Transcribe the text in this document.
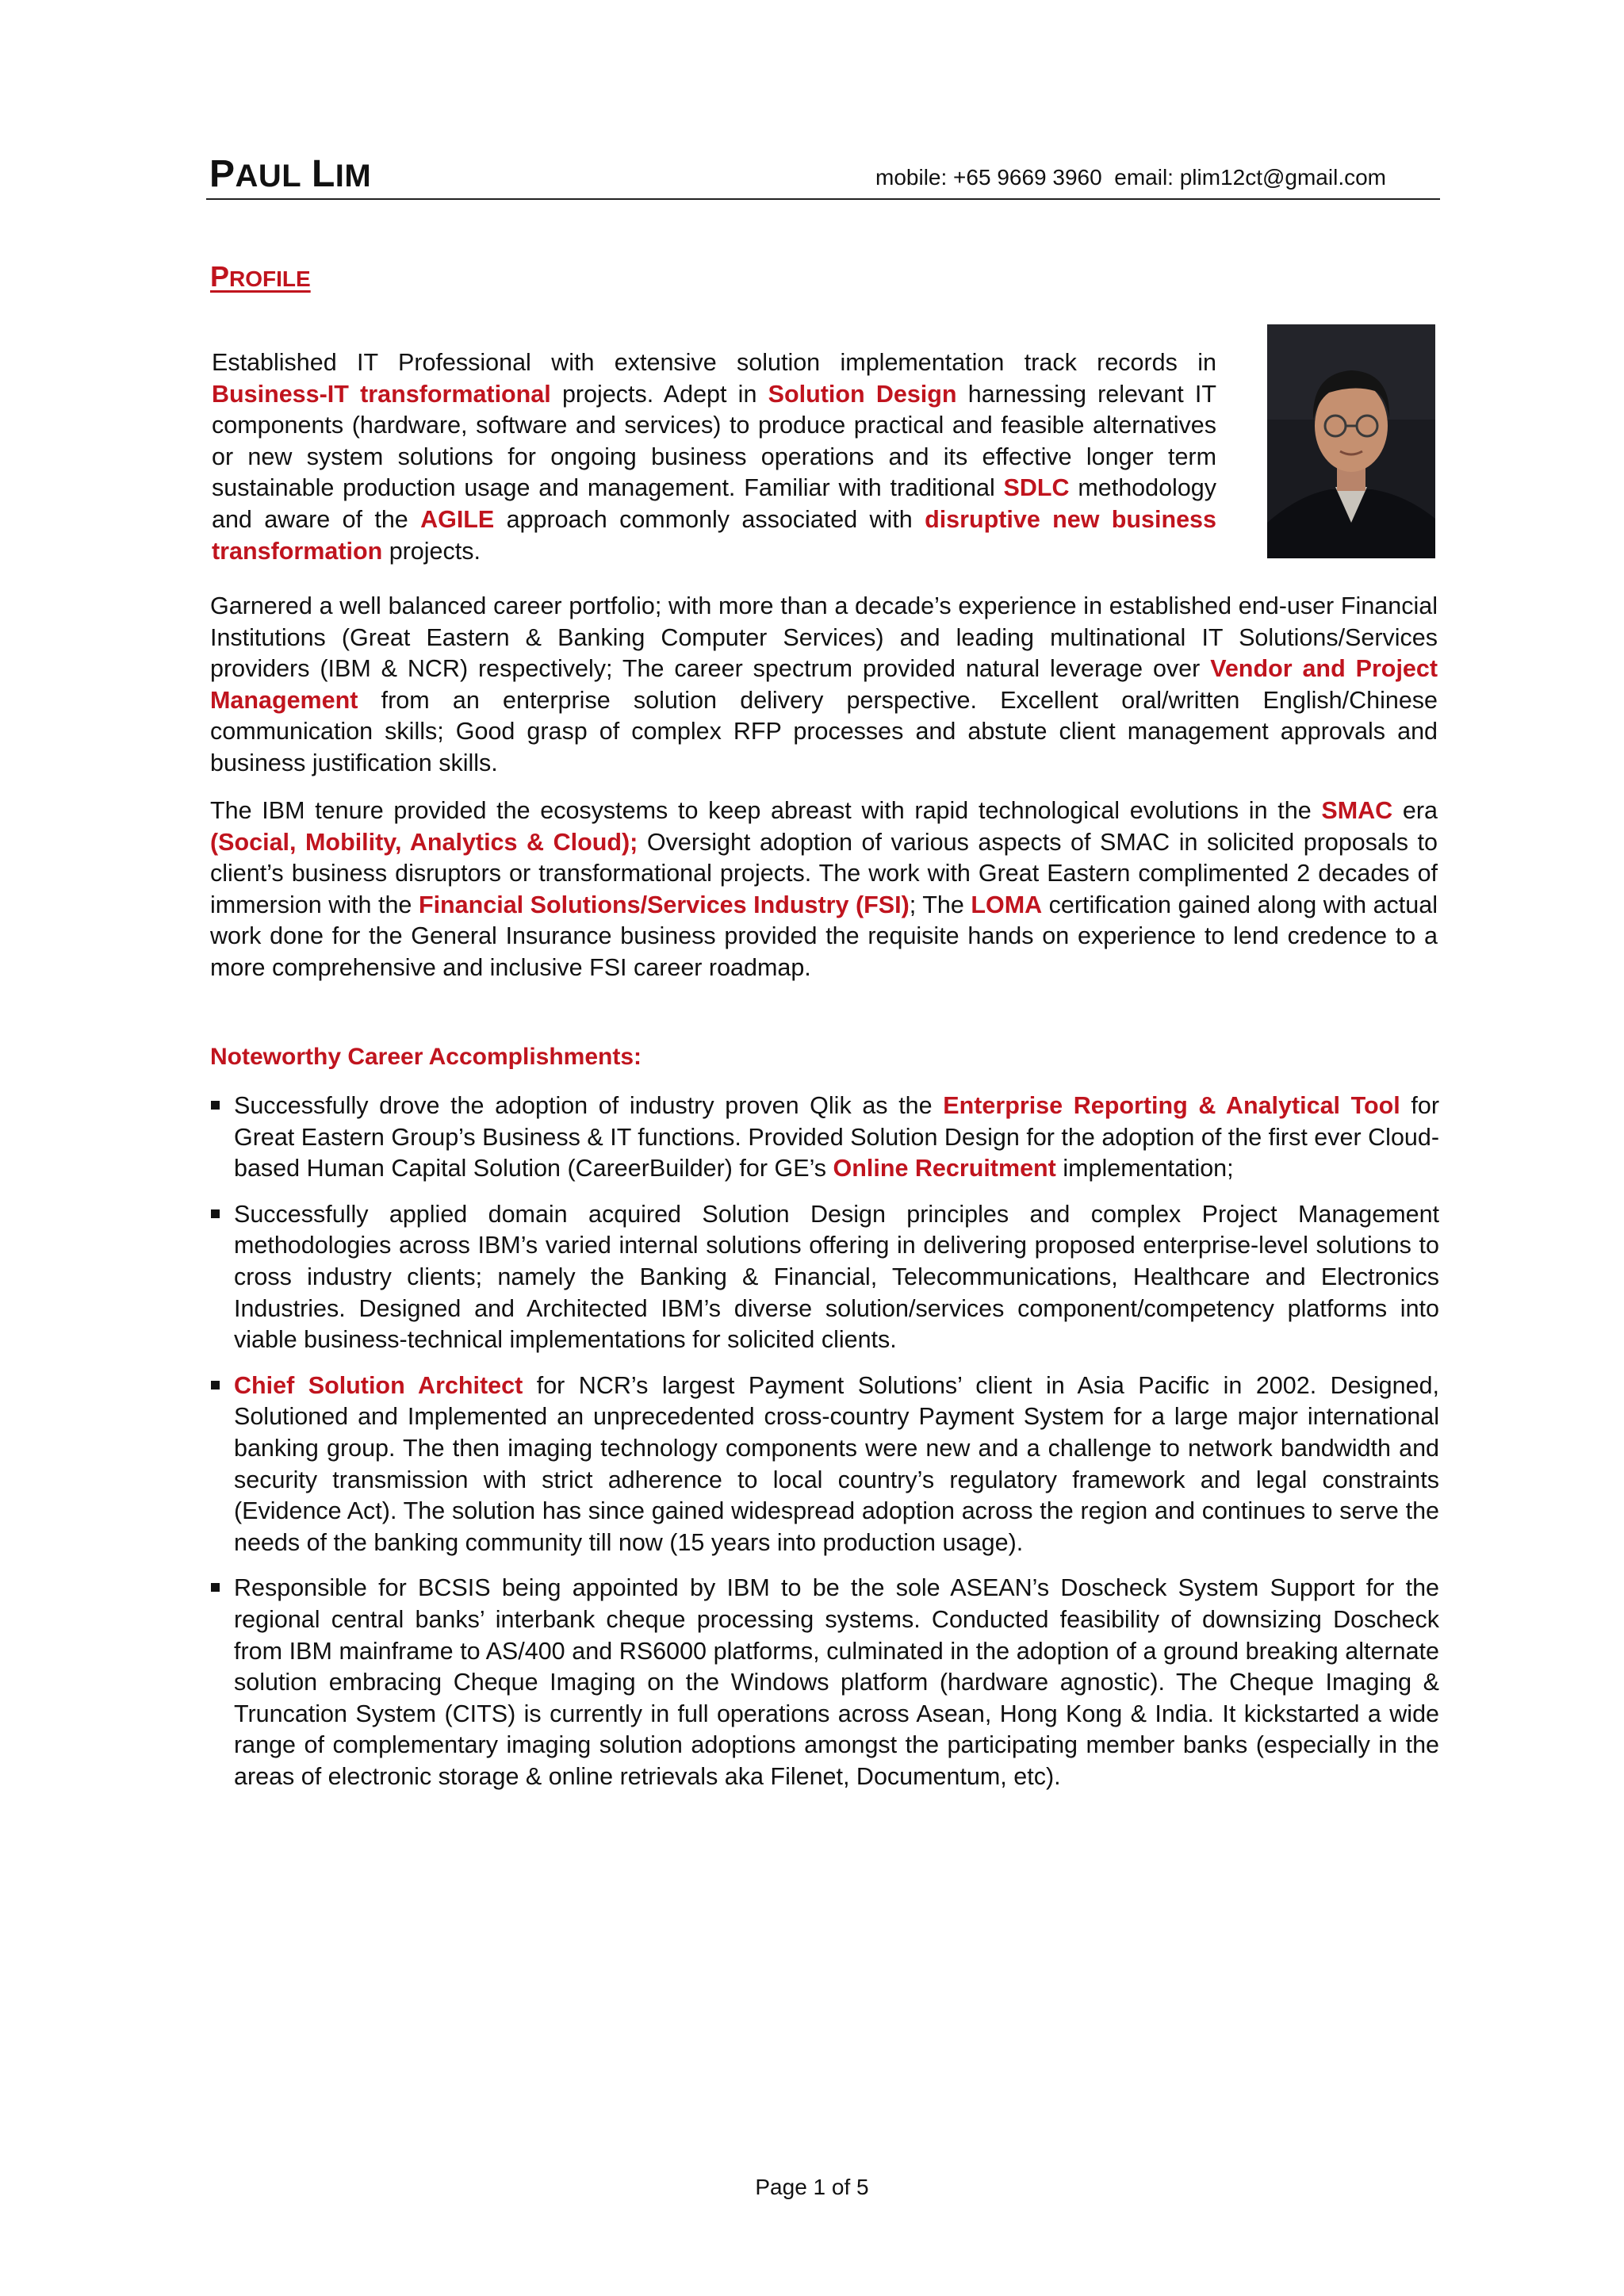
PAUL LIM	mobile: +65 9669 3960  email: plim12ct@gmail.com
PROFILE

Established IT Professional with extensive solution implementation track records in Business-IT transformational projects. Adept in Solution Design harnessing relevant IT components (hardware, software and services) to produce practical and feasible alternatives or new system solutions for ongoing business operations and its effective longer term sustainable production usage and management. Familiar with traditional SDLC methodology and aware of the AGILE approach commonly associated with disruptive new business transformation projects.

Garnered a well balanced career portfolio; with more than a decade’s experience in established end-user Financial Institutions (Great Eastern & Banking Computer Services) and leading multinational IT Solutions/Services providers (IBM & NCR) respectively; The career spectrum provided natural leverage over Vendor and Project Management from an enterprise solution delivery perspective. Excellent oral/written English/Chinese communication skills; Good grasp of complex RFP processes and abstute client management approvals and business justification skills.

The IBM tenure provided the ecosystems to keep abreast with rapid technological evolutions in the SMAC era (Social, Mobility, Analytics & Cloud); Oversight adoption of various aspects of SMAC in solicited proposals to client’s business disruptors or transformational projects. The work with Great Eastern complimented 2 decades of immersion with the Financial Solutions/Services Industry (FSI); The LOMA certification gained along with actual work done for the General Insurance business provided the requisite hands on experience to lend credence to a more comprehensive and inclusive FSI career roadmap.

Noteworthy Career Accomplishments:

Successfully drove the adoption of industry proven Qlik as the Enterprise Reporting & Analytical Tool for Great Eastern Group’s Business & IT functions. Provided Solution Design for the adoption of the first ever Cloud-based Human Capital Solution (CareerBuilder) for GE’s Online Recruitment implementation;

Successfully applied domain acquired Solution Design principles and complex Project Management methodologies across IBM’s varied internal solutions offering in delivering proposed enterprise-level solutions to cross industry clients; namely the Banking & Financial, Telecommunications, Healthcare and Electronics Industries. Designed and Architected IBM’s diverse solution/services component/competency platforms into viable business-technical implementations for solicited clients.

Chief Solution Architect for NCR’s largest Payment Solutions’ client in Asia Pacific in 2002. Designed, Solutioned and Implemented an unprecedented cross-country Payment System for a large major international banking group. The then imaging technology components were new and a challenge to network bandwidth and security transmission with strict adherence to local country’s regulatory framework and legal constraints (Evidence Act). The solution has since gained widespread adoption across the region and continues to serve the needs of the banking community till now (15 years into production usage).

Responsible for BCSIS being appointed by IBM to be the sole ASEAN’s Doscheck System Support for the regional central banks’ interbank cheque processing systems. Conducted feasibility of downsizing Doscheck from IBM mainframe to AS/400 and RS6000 platforms, culminated in the adoption of a ground breaking alternate solution embracing Cheque Imaging on the Windows platform (hardware agnostic). The Cheque Imaging & Truncation System (CITS) is currently in full operations across Asean, Hong Kong & India. It kickstarted a wide range of complementary imaging solution adoptions amongst the participating member banks (especially in the areas of electronic storage & online retrievals aka Filenet, Documentum, etc).

Page 1 of 5
